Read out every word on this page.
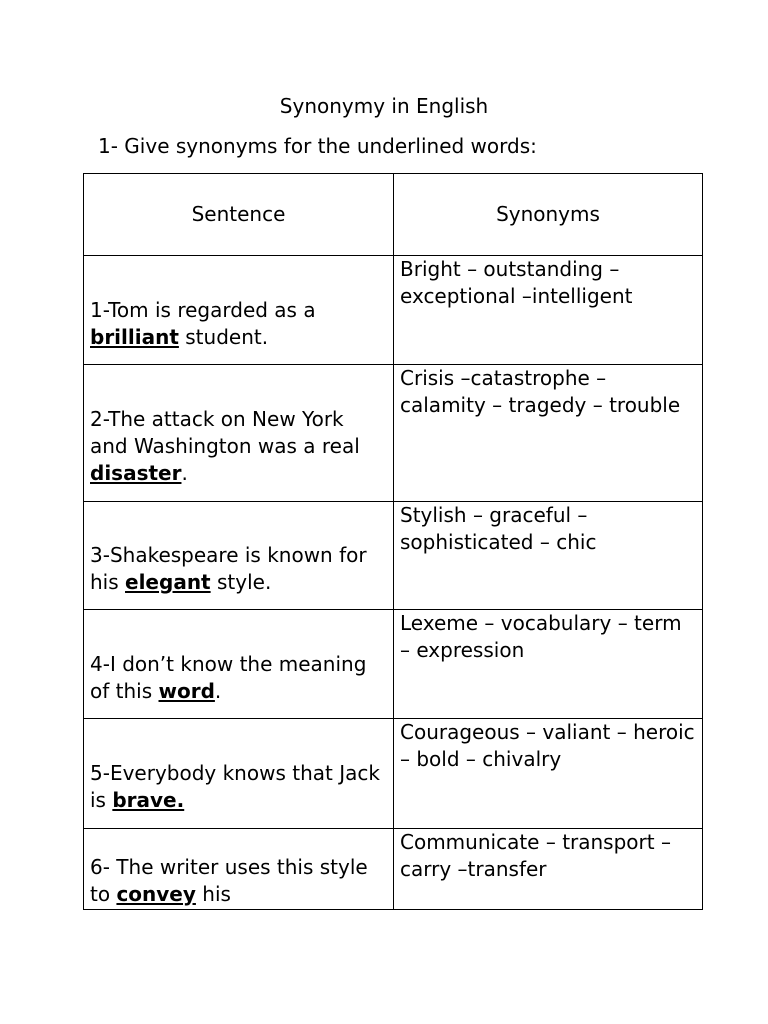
Synonymy in English
1- Give synonyms for the underlined words:
Sentence	Synonyms

1-Tom is regarded as a brilliant student.	Bright – outstanding – exceptional –intelligent

2-The attack on New York and Washington was a real disaster.	Crisis –catastrophe – calamity – tragedy – trouble

3-Shakespeare is known for his elegant style.	Stylish – graceful – sophisticated – chic

4-I don’t know the meaning of this word.	Lexeme – vocabulary – term – expression

5-Everybody knows that Jack is brave.	Courageous – valiant – heroic – bold – chivalry

6- The writer uses this style to convey his	Communicate – transport –carry –transfer
